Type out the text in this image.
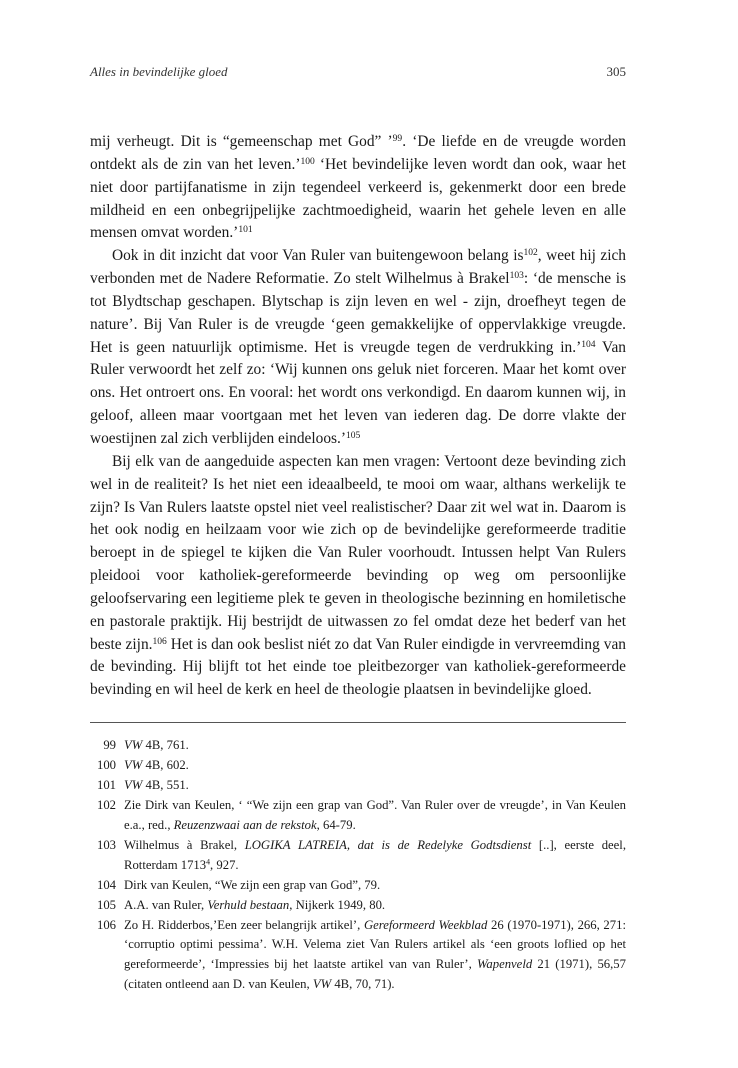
Alles in bevindelijke gloed	305

mij verheugt. Dit is “gemeenschap met God” ’$^{99}$. ‘De liefde en de vreugde worden ontdekt als de zin van het leven.’$^{100}$ ‘Het bevindelijke leven wordt dan ook, waar het niet door partijfanatisme in zijn tegendeel verkeerd is, gekenmerkt door een brede mildheid en een onbegrijpelijke zachtmoedigheid, waarin het gehele leven en alle mensen omvat worden.’$^{101}$

Ook in dit inzicht dat voor Van Ruler van buitengewoon belang is$^{102}$, weet hij zich verbonden met de Nadere Reformatie. Zo stelt Wilhelmus à Brakel$^{103}$: ‘de mensche is tot Blydtschap geschapen. Blytschap is zijn leven en wel - zijn, droefheyt tegen de nature’. Bij Van Ruler is de vreugde ‘geen gemakkelijke of oppervlakkige vreugde. Het is geen natuurlijk optimisme. Het is vreugde tegen de verdrukking in.’$^{104}$ Van Ruler verwoordt het zelf zo: ‘Wij kunnen ons geluk niet forceren. Maar het komt over ons. Het ontroert ons. En vooral: het wordt ons verkondigd. En daarom kunnen wij, in geloof, alleen maar voortgaan met het leven van iederen dag. De dorre vlakte der woestijnen zal zich verblijden eindeloos.’$^{105}$

Bij elk van de aangeduide aspecten kan men vragen: Vertoont deze bevinding zich wel in de realiteit? Is het niet een ideaalbeeld, te mooi om waar, althans werkelijk te zijn? Is Van Rulers laatste opstel niet veel realistischer? Daar zit wel wat in. Daarom is het ook nodig en heilzaam voor wie zich op de bevindelijke gereformeerde traditie beroept in de spiegel te kijken die Van Ruler voorhoudt. Intussen helpt Van Rulers pleidooi voor katholiek-gereformeerde bevinding op weg om persoonlijke geloofservaring een legitieme plek te geven in theologische bezinning en homiletische en pastorale praktijk. Hij bestrijdt de uitwassen zo fel omdat deze het bederf van het beste zijn.$^{106}$ Het is dan ook beslist niét zo dat Van Ruler eindigde in vervreemding van de bevinding. Hij blijft tot het einde toe pleitbezorger van katholiek-gereformeerde bevinding en wil heel de kerk en heel de theologie plaatsen in bevindelijke gloed.

99 VW 4B, 761.
100 VW 4B, 602.
101 VW 4B, 551.
102 Zie Dirk van Keulen, ‘ “We zijn een grap van God”. Van Ruler over de vreugde’, in Van Keulen e.a., red., Reuzenzwaai aan de rekstok, 64-79.
103 Wilhelmus à Brakel, LOGIKA LATREIA, dat is de Redelyke Godtsdienst [..], eerste deel, Rotterdam 1713$^4$, 927.
104 Dirk van Keulen, “We zijn een grap van God”, 79.
105 A.A. van Ruler, Verhuld bestaan, Nijkerk 1949, 80.
106 Zo H. Ridderbos,’Een zeer belangrijk artikel’, Gereformeerd Weekblad 26 (1970-1971), 266, 271: ‘corruptio optimi pessima’. W.H. Velema ziet Van Rulers artikel als ‘een groots loflied op het gereformeerde’, ‘Impressies bij het laatste artikel van van Ruler’, Wapenveld 21 (1971), 56,57 (citaten ontleend aan D. van Keulen, VW 4B, 70, 71).
